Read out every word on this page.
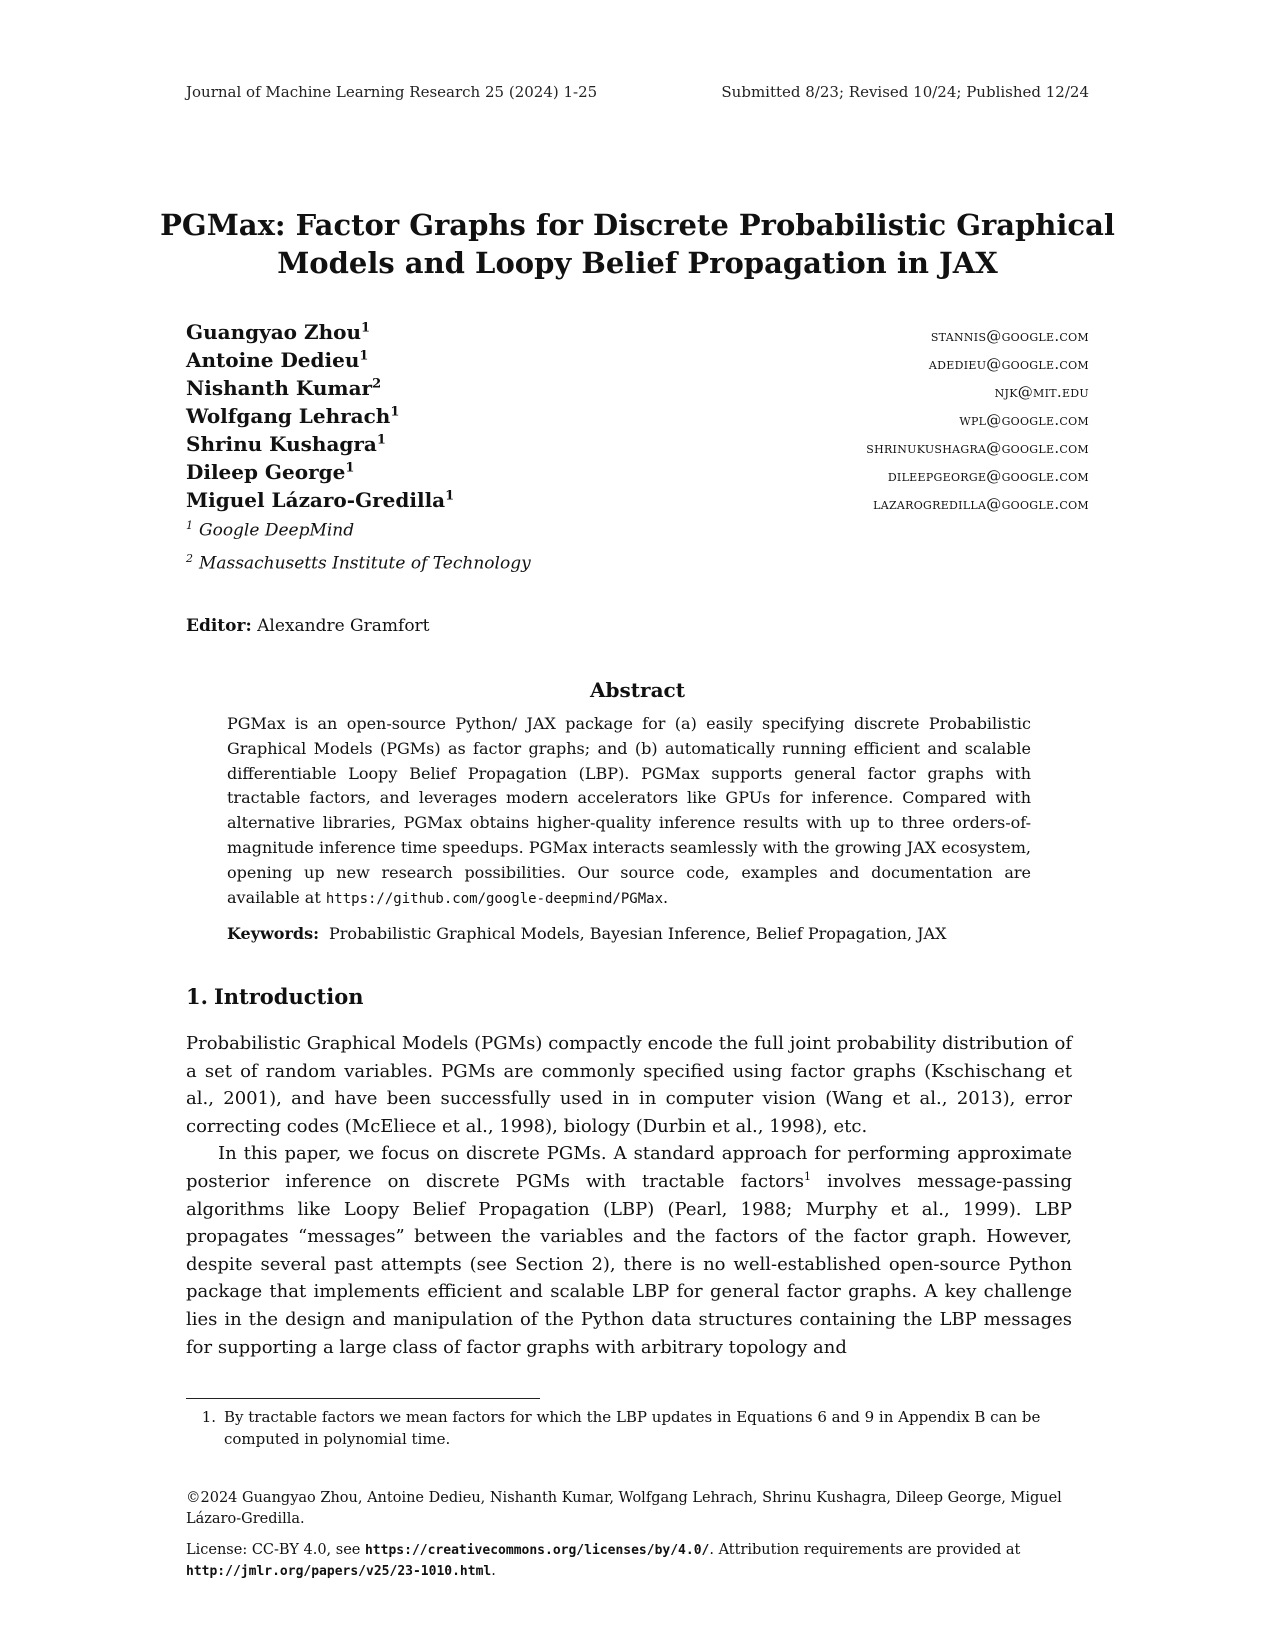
Journal of Machine Learning Research 25 (2024) 1-25	Submitted 8/23; Revised 10/24; Published 12/24
PGMax: Factor Graphs for Discrete Probabilistic Graphical
Models and Loopy Belief Propagation in JAX
Guangyao Zhou$^1$
Antoine Dedieu$^1$
Nishanth Kumar$^2$
Wolfgang Lehrach$^1$
Shrinu Kushagra$^1$
Dileep George$^1$
Miguel Lázaro-Gredilla$^1$
stannis@google.com
adedieu@google.com
njk@mit.edu
wpl@google.com
shrinukushagra@google.com
dileepgeorge@google.com
lazarogredilla@google.com
$^1$ Google DeepMind
$^2$ Massachusetts Institute of Technology
Editor: Alexandre Gramfort
Abstract
PGMax is an open-source Python/ JAX package for (a) easily specifying discrete Probabilistic Graphical Models (PGMs) as factor graphs; and (b) automatically running efficient and scalable differentiable Loopy Belief Propagation (LBP). PGMax supports general factor graphs with tractable factors, and leverages modern accelerators like GPUs for inference. Compared with alternative libraries, PGMax obtains higher-quality inference results with up to three orders-of-magnitude inference time speedups. PGMax interacts seamlessly with the growing JAX ecosystem, opening up new research possibilities. Our source code, examples and documentation are available at https://github.com/google-deepmind/PGMax.
Keywords: Probabilistic Graphical Models, Bayesian Inference, Belief Propagation, JAX
1. Introduction

Probabilistic Graphical Models (PGMs) compactly encode the full joint probability distribution of a set of random variables. PGMs are commonly specified using factor graphs (Kschischang et al., 2001), and have been successfully used in in computer vision (Wang et al., 2013), error correcting codes (McEliece et al., 1998), biology (Durbin et al., 1998), etc.

In this paper, we focus on discrete PGMs. A standard approach for performing approximate posterior inference on discrete PGMs with tractable factors$^1$ involves message-passing algorithms like Loopy Belief Propagation (LBP) (Pearl, 1988; Murphy et al., 1999). LBP propagates “messages” between the variables and the factors of the factor graph. However, despite several past attempts (see Section 2), there is no well-established open-source Python package that implements efficient and scalable LBP for general factor graphs. A key challenge lies in the design and manipulation of the Python data structures containing the LBP messages for supporting a large class of factor graphs with arbitrary topology and

1. By tractable factors we mean factors for which the LBP updates in Equations 6 and 9 in Appendix B can be computed in polynomial time.
©2024 Guangyao Zhou, Antoine Dedieu, Nishanth Kumar, Wolfgang Lehrach, Shrinu Kushagra, Dileep George, Miguel Lázaro-Gredilla.
License: CC-BY 4.0, see https://creativecommons.org/licenses/by/4.0/. Attribution requirements are provided at http://jmlr.org/papers/v25/23-1010.html.
